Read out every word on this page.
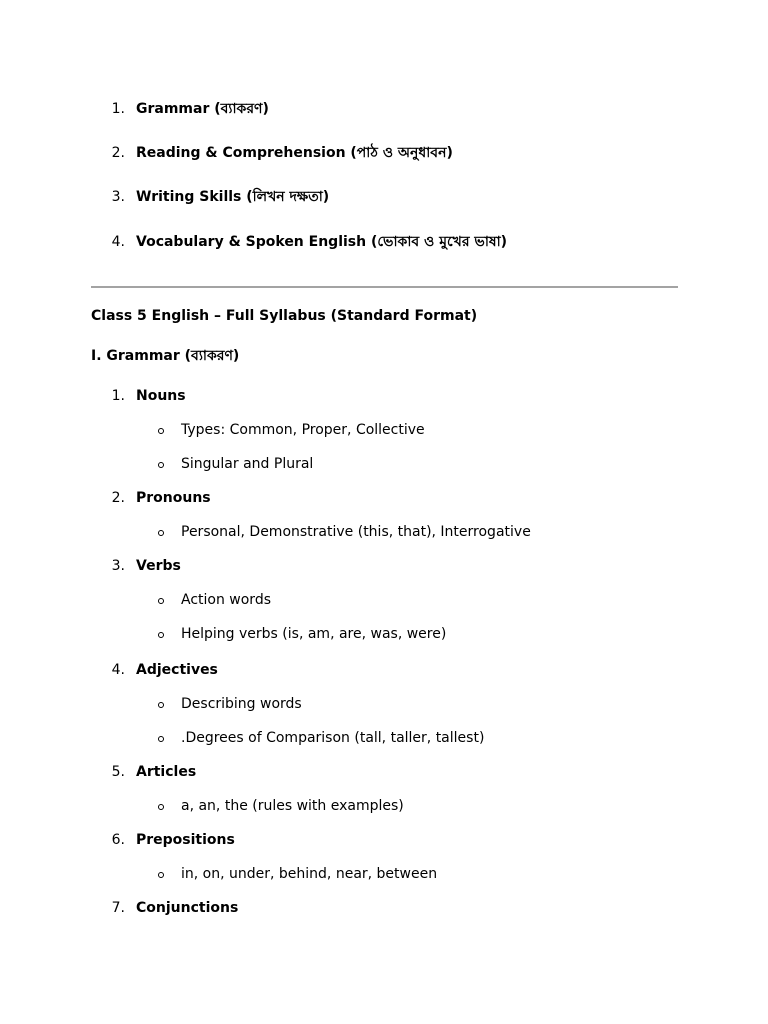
1. Grammar (ব্যাকরণ)
2. Reading & Comprehension (পাঠ ও অনুধাবন)
3. Writing Skills (লিখন দক্ষতা)
4. Vocabulary & Spoken English (ভোকাব ও মুখের ভাষা)
Class 5 English – Full Syllabus (Standard Format)
I. Grammar (ব্যাকরণ)
1. Nouns
Types: Common, Proper, Collective
Singular and Plural
2. Pronouns
Personal, Demonstrative (this, that), Interrogative
3. Verbs
Action words
Helping verbs (is, am, are, was, were)
4. Adjectives
Describing words
.Degrees of Comparison (tall, taller, tallest)
5. Articles
a, an, the (rules with examples)
6. Prepositions
in, on, under, behind, near, between
7. Conjunctions
